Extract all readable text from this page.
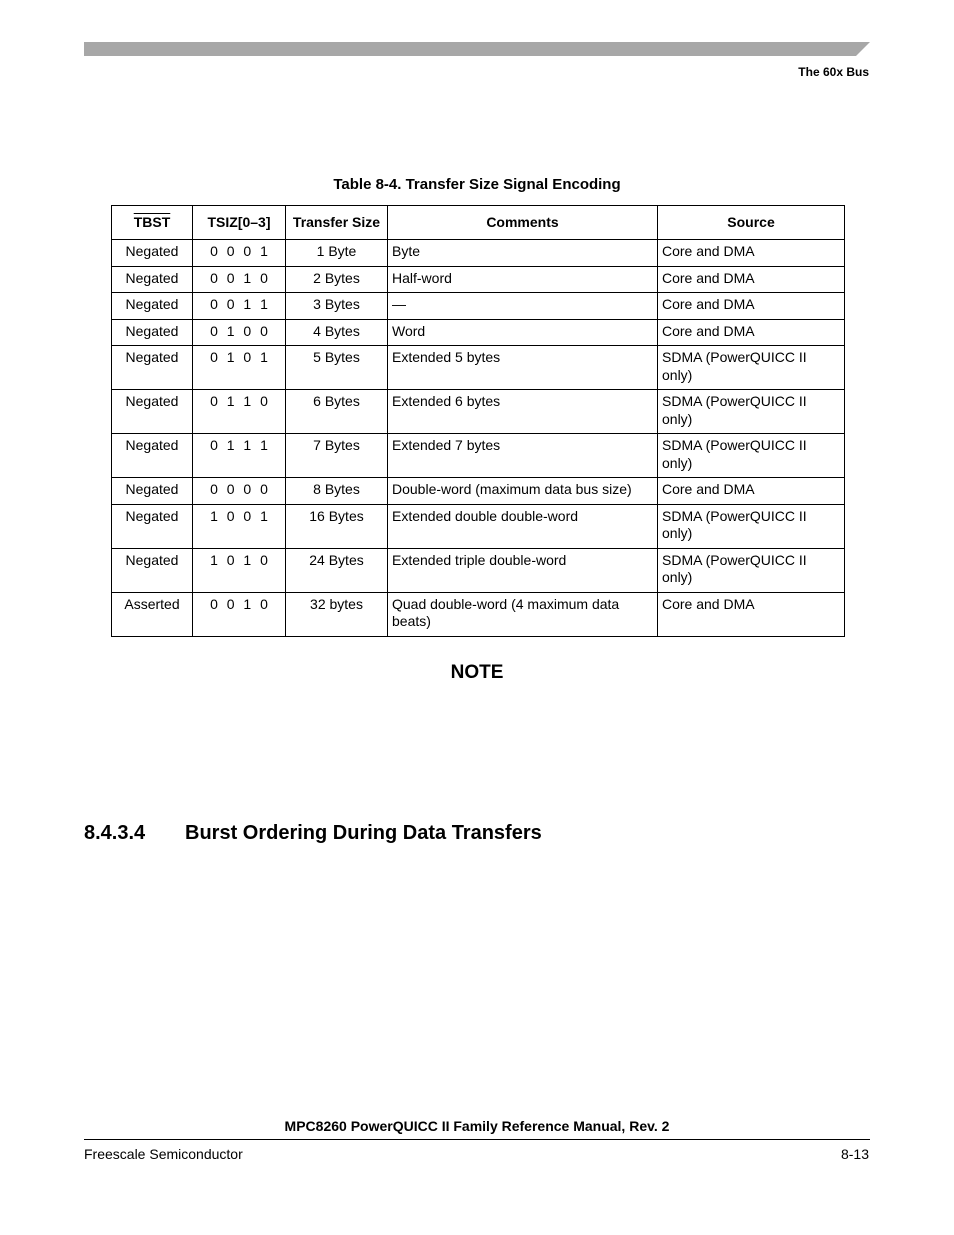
The 60x Bus
Table 8-4. Transfer Size Signal Encoding
TBST	TSIZ[0–3]	Transfer Size	Comments	Source
Negated	0 0 0 1	1 Byte	Byte	Core and DMA
Negated	0 0 1 0	2 Bytes	Half-word	Core and DMA
Negated	0 0 1 1	3 Bytes	—	Core and DMA
Negated	0 1 0 0	4 Bytes	Word	Core and DMA
Negated	0 1 0 1	5 Bytes	Extended 5 bytes	SDMA (PowerQUICC II only)
Negated	0 1 1 0	6 Bytes	Extended 6 bytes	SDMA (PowerQUICC II only)
Negated	0 1 1 1	7 Bytes	Extended 7 bytes	SDMA (PowerQUICC II only)
Negated	0 0 0 0	8 Bytes	Double-word (maximum data bus size)	Core and DMA
Negated	1 0 0 1	16 Bytes	Extended double double-word	SDMA (PowerQUICC II only)
Negated	1 0 1 0	24 Bytes	Extended triple double-word	SDMA (PowerQUICC II only)
Asserted	0 0 1 0	32 bytes	Quad double-word (4 maximum data beats)	Core and DMA
NOTE
8.4.3.4 Burst Ordering During Data Transfers
MPC8260 PowerQUICC II Family Reference Manual, Rev. 2
Freescale Semiconductor	8-13
